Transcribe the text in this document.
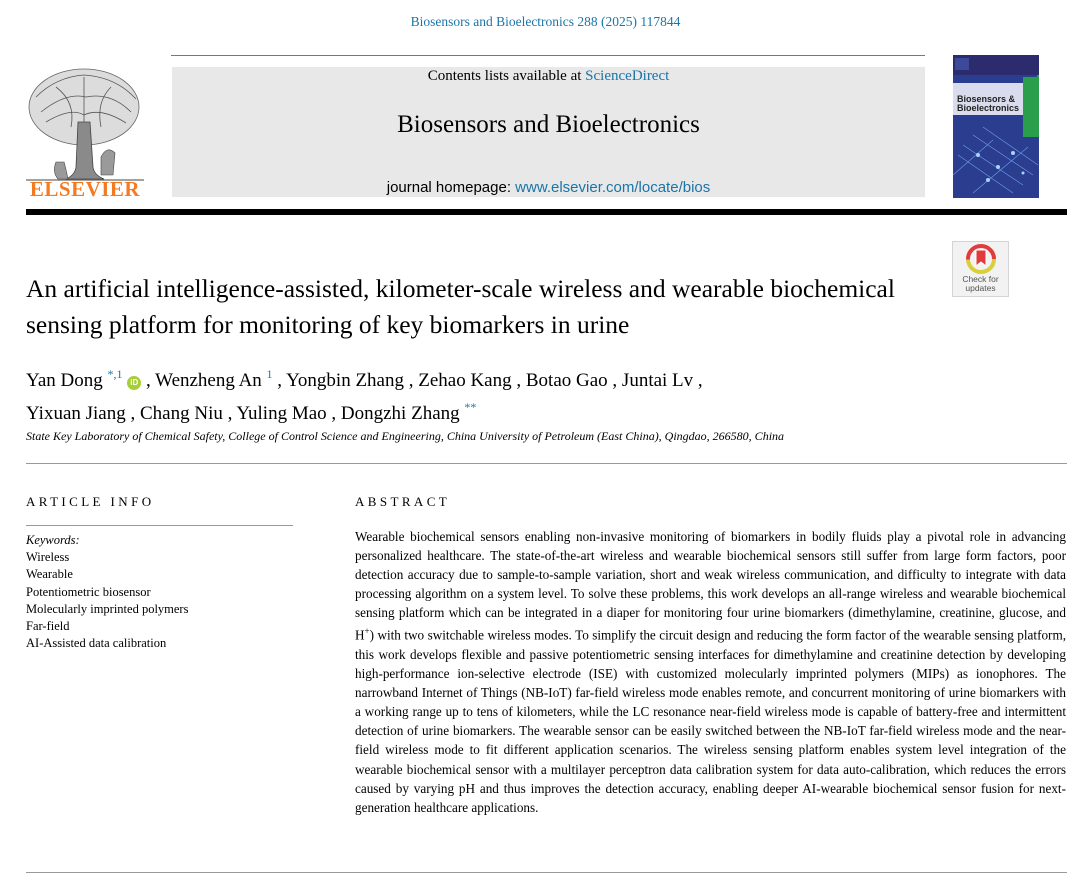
Biosensors and Bioelectronics 288 (2025) 117844
ELSEVIER
Contents lists available at ScienceDirect
Biosensors and Bioelectronics
journal homepage: www.elsevier.com/locate/bios
Biosensors &
Bioelectronics
Check for
updates
An artificial intelligence-assisted, kilometer-scale wireless and wearable biochemical sensing platform for monitoring of key biomarkers in urine
Yan Dong $^{*,1}$ iD , Wenzheng An $^1$ , Yongbin Zhang , Zehao Kang , Botao Gao , Juntai Lv ,
Yixuan Jiang , Chang Niu , Yuling Mao , Dongzhi Zhang **
State Key Laboratory of Chemical Safety, College of Control Science and Engineering, China University of Petroleum (East China), Qingdao, 266580, China
ARTICLE INFO	ABSTRACT
Keywords:
Wireless
Wearable
Potentiometric biosensor
Molecularly imprinted polymers
Far-field
AI-Assisted data calibration

Wearable biochemical sensors enabling non-invasive monitoring of biomarkers in bodily fluids play a pivotal role in advancing personalized healthcare. The state-of-the-art wireless and wearable biochemical sensors still suffer from large form factors, poor detection accuracy due to sample-to-sample variation, short and weak wireless communication, and difficulty to integrate with data processing algorithm on a system level. To solve these problems, this work develops an all-range wireless and wearable biochemical sensing platform which can be integrated in a diaper for monitoring four urine biomarkers (dimethylamine, creatinine, glucose, and H+) with two switchable wireless modes. To simplify the circuit design and reducing the form factor of the wearable sensing platform, this work develops flexible and passive potentiometric sensing interfaces for dimethylamine and creatinine detection by developing high-performance ion-selective electrode (ISE) with customized molecularly imprinted polymers (MIPs) as ionophores. The narrowband Internet of Things (NB-IoT) far-field wireless mode enables remote, and concurrent monitoring of urine biomarkers with a working range up to tens of kilometers, while the LC resonance near-field wireless mode is capable of battery-free and intermittent detection of urine biomarkers. The wearable sensor can be easily switched between the NB-IoT far-field wireless mode and the near-field wireless mode to fit different application scenarios. The wireless sensing platform enables system level integration of the wearable biochemical sensor with a multilayer perceptron data calibration system for data auto-calibration, which reduces the errors caused by varying pH and thus improves the detection accuracy, enabling deeper AI-wearable biochemical sensor fusion for next-generation healthcare applications.
